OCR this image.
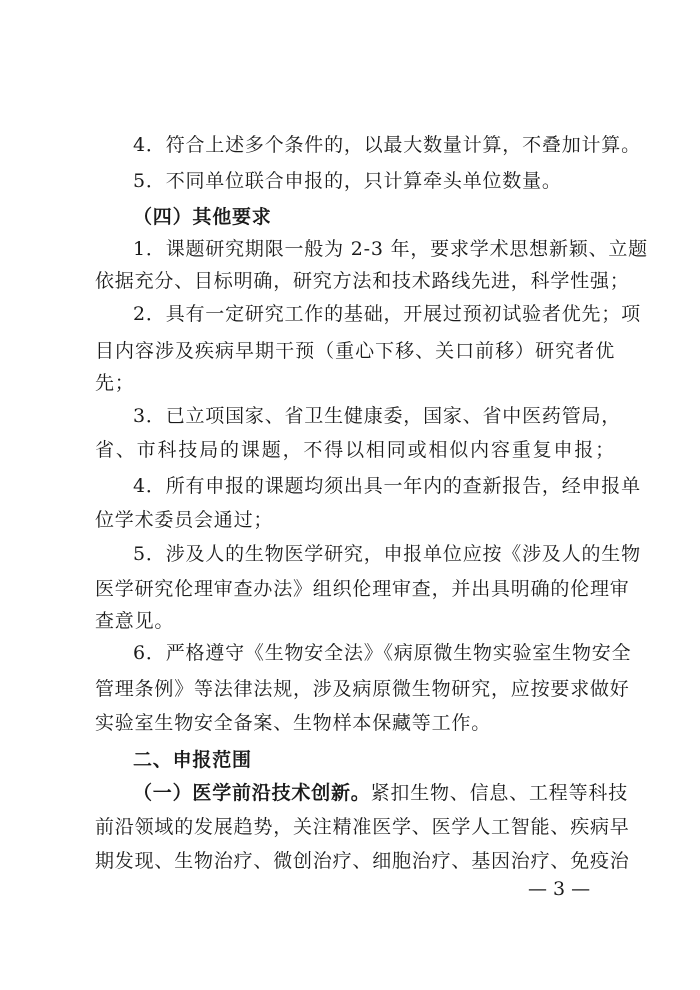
4．符合上述多个条件的，以最大数量计算，不叠加计算。
5．不同单位联合申报的，只计算牵头单位数量。
（四）其他要求
1．课题研究期限一般为 2-3 年，要求学术思想新颖、立题
依据充分、目标明确，研究方法和技术路线先进，科学性强；
2．具有一定研究工作的基础，开展过预初试验者优先；项
目内容涉及疾病早期干预（重心下移、关口前移）研究者优
先；
3．已立项国家、省卫生健康委，国家、省中医药管局，
省、市科技局的课题，不得以相同或相似内容重复申报；
4．所有申报的课题均须出具一年内的查新报告，经申报单
位学术委员会通过；
5．涉及人的生物医学研究，申报单位应按《涉及人的生物
医学研究伦理审查办法》组织伦理审查，并出具明确的伦理审
查意见。
6．严格遵守《生物安全法》《病原微生物实验室生物安全
管理条例》等法律法规，涉及病原微生物研究，应按要求做好
实验室生物安全备案、生物样本保藏等工作。
二、申报范围
（一）医学前沿技术创新。紧扣生物、信息、工程等科技
前沿领域的发展趋势，关注精准医学、医学人工智能、疾病早
期发现、生物治疗、微创治疗、细胞治疗、基因治疗、免疫治
— 3 —
